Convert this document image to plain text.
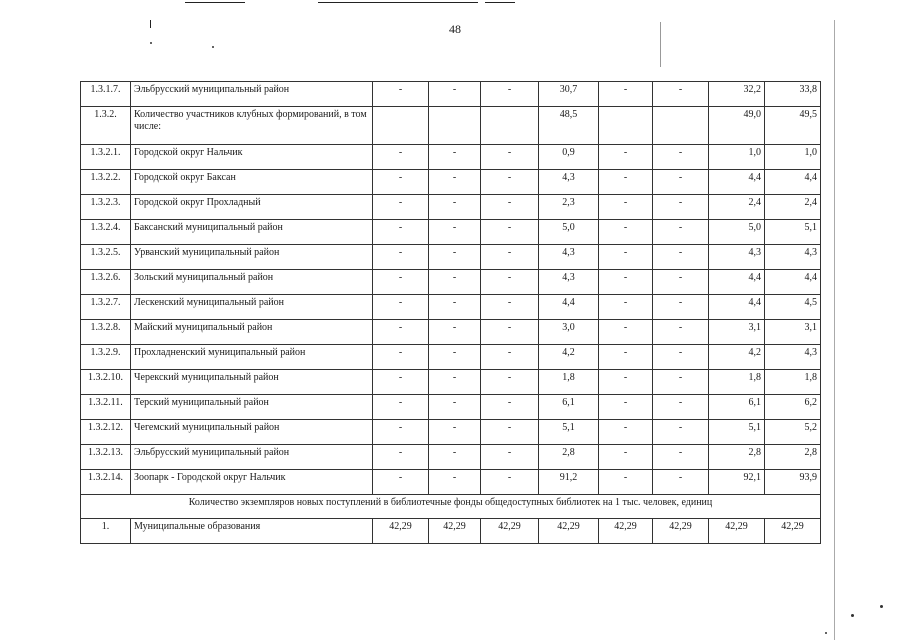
48
1.3.1.7.	Эльбрусский муниципальный район	-	-	-	30,7	-	-	32,2	33,8
1.3.2.	Количество участников клубных формирований, в том числе:				48,5			49,0	49,5
1.3.2.1.	Городской округ Нальчик	-	-	-	0,9	-	-	1,0	1,0
1.3.2.2.	Городской округ Баксан	-	-	-	4,3	-	-	4,4	4,4
1.3.2.3.	Городской округ Прохладный	-	-	-	2,3	-	-	2,4	2,4
1.3.2.4.	Баксанский муниципальный район	-	-	-	5,0	-	-	5,0	5,1
1.3.2.5.	Урванский муниципальный район	-	-	-	4,3	-	-	4,3	4,3
1.3.2.6.	Зольский муниципальный район	-	-	-	4,3	-	-	4,4	4,4
1.3.2.7.	Лескенский муниципальный район	-	-	-	4,4	-	-	4,4	4,5
1.3.2.8.	Майский муниципальный район	-	-	-	3,0	-	-	3,1	3,1
1.3.2.9.	Прохладненский муниципальный район	-	-	-	4,2	-	-	4,2	4,3
1.3.2.10.	Черекский муниципальный район	-	-	-	1,8	-	-	1,8	1,8
1.3.2.11.	Терский муниципальный район	-	-	-	6,1	-	-	6,1	6,2
1.3.2.12.	Чегемский муниципальный район	-	-	-	5,1	-	-	5,1	5,2
1.3.2.13.	Эльбрусский муниципальный район	-	-	-	2,8	-	-	2,8	2,8
1.3.2.14.	Зоопарк - Городской округ Нальчик	-	-	-	91,2	-	-	92,1	93,9
Количество экземпляров новых поступлений в библиотечные фонды общедоступных библиотек на 1 тыс. человек, единиц									
1.	Муниципальные образования	42,29	42,29	42,29	42,29	42,29	42,29	42,29	42,29
